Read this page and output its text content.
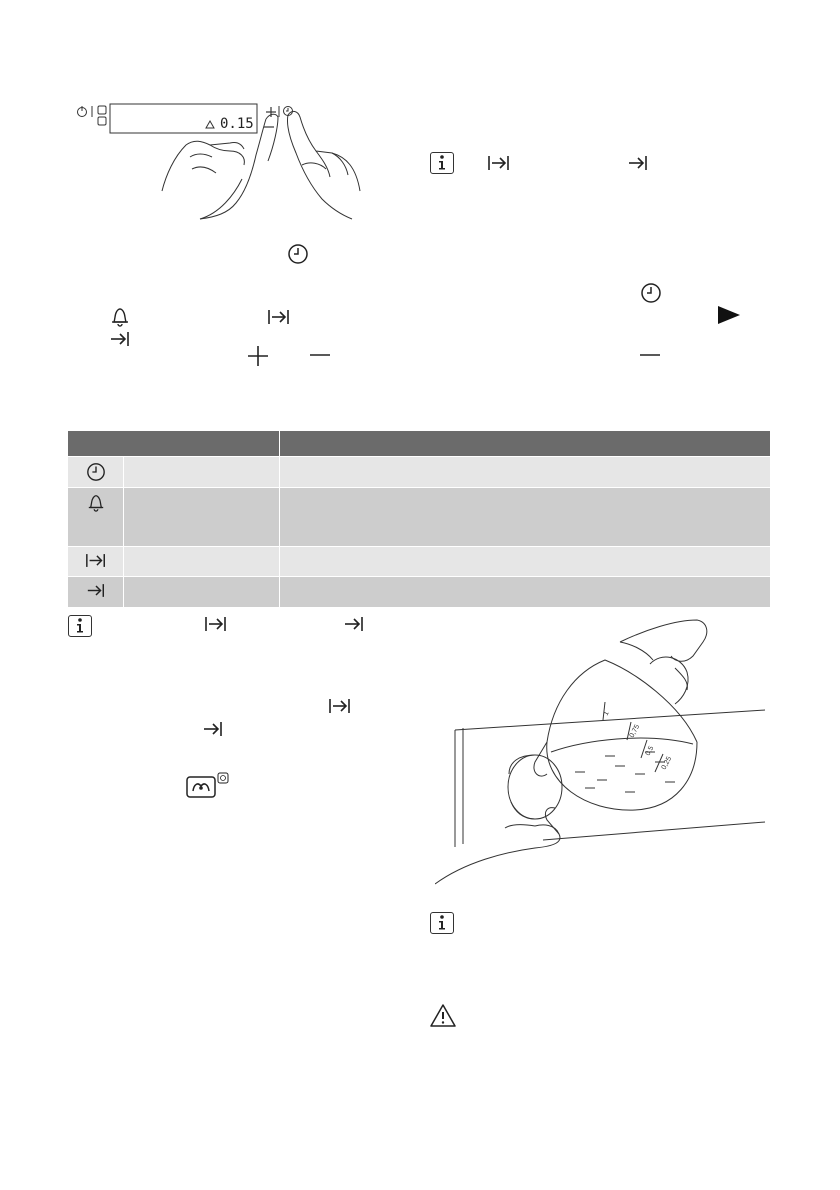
0.15

1
0,75
0,5
0,25
